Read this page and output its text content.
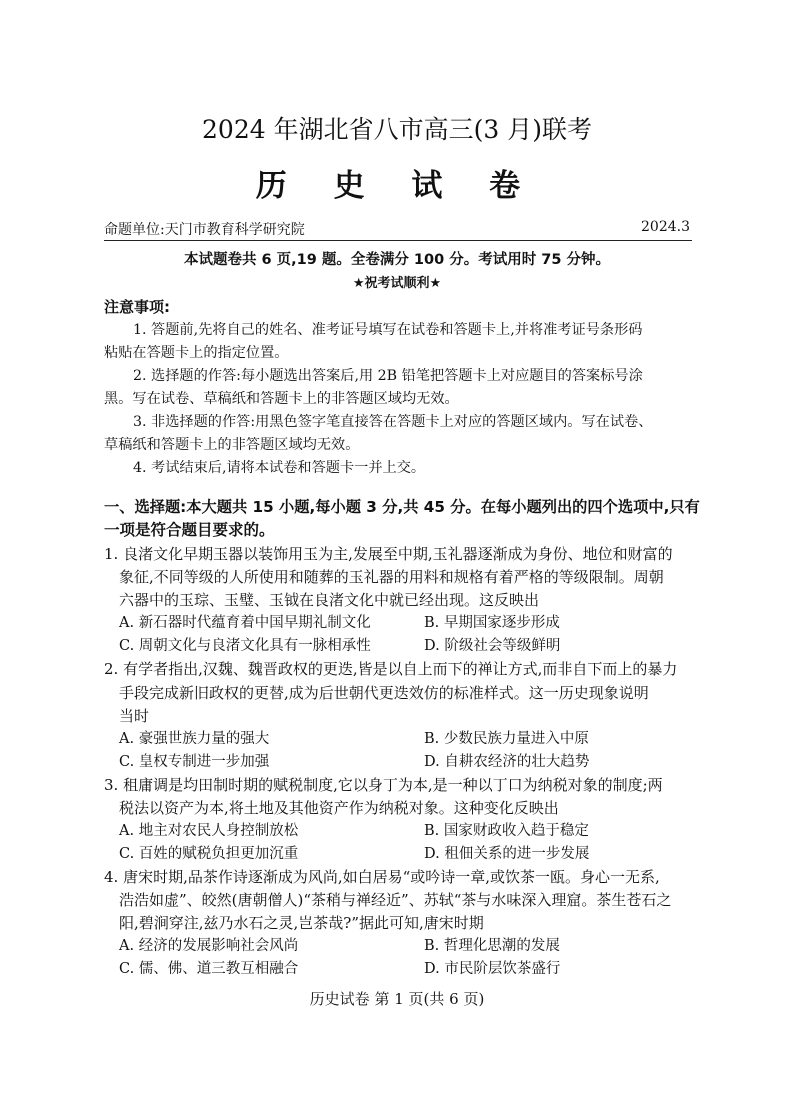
2024 年湖北省八市高三(3 月)联考
历 史 试 卷
命题单位:天门市教育科学研究院	2024.3
本试题卷共 6 页,19 题。全卷满分 100 分。考试用时 75 分钟。
★祝考试顺利★
注意事项:
1. 答题前,先将自己的姓名、准考证号填写在试卷和答题卡上,并将准考证号条形码
粘贴在答题卡上的指定位置。
2. 选择题的作答:每小题选出答案后,用 2B 铅笔把答题卡上对应题目的答案标号涂
黑。写在试卷、草稿纸和答题卡上的非答题区域均无效。
3. 非选择题的作答:用黑色签字笔直接答在答题卡上对应的答题区域内。写在试卷、
草稿纸和答题卡上的非答题区域均无效。
4. 考试结束后,请将本试卷和答题卡一并上交。
一、选择题:本大题共 15 小题,每小题 3 分,共 45 分。在每小题列出的四个选项中,只有
一项是符合题目要求的。
1. 良渚文化早期玉器以装饰用玉为主,发展至中期,玉礼器逐渐成为身份、地位和财富的
象征,不同等级的人所使用和随葬的玉礼器的用料和规格有着严格的等级限制。周朝
六器中的玉琮、玉璧、玉钺在良渚文化中就已经出现。这反映出
A. 新石器时代蕴育着中国早期礼制文化	B. 早期国家逐步形成
C. 周朝文化与良渚文化具有一脉相承性	D. 阶级社会等级鲜明
2. 有学者指出,汉魏、魏晋政权的更迭,皆是以自上而下的禅让方式,而非自下而上的暴力
手段完成新旧政权的更替,成为后世朝代更迭效仿的标准样式。这一历史现象说明
当时
A. 豪强世族力量的强大	B. 少数民族力量进入中原
C. 皇权专制进一步加强	D. 自耕农经济的壮大趋势
3. 租庸调是均田制时期的赋税制度,它以身丁为本,是一种以丁口为纳税对象的制度;两
税法以资产为本,将土地及其他资产作为纳税对象。这种变化反映出
A. 地主对农民人身控制放松	B. 国家财政收入趋于稳定
C. 百姓的赋税负担更加沉重	D. 租佃关系的进一步发展
4. 唐宋时期,品茶作诗逐渐成为风尚,如白居易“或吟诗一章,或饮茶一瓯。身心一无系,
浩浩如虚”、皎然(唐朝僧人)“茶稍与禅经近”、苏轼“茶与水味深入理窟。茶生苍石之
阳,碧涧穿注,兹乃水石之灵,岂茶哉?”据此可知,唐宋时期
A. 经济的发展影响社会风尚	B. 哲理化思潮的发展
C. 儒、佛、道三教互相融合	D. 市民阶层饮茶盛行
历史试卷 第 1 页(共 6 页)
